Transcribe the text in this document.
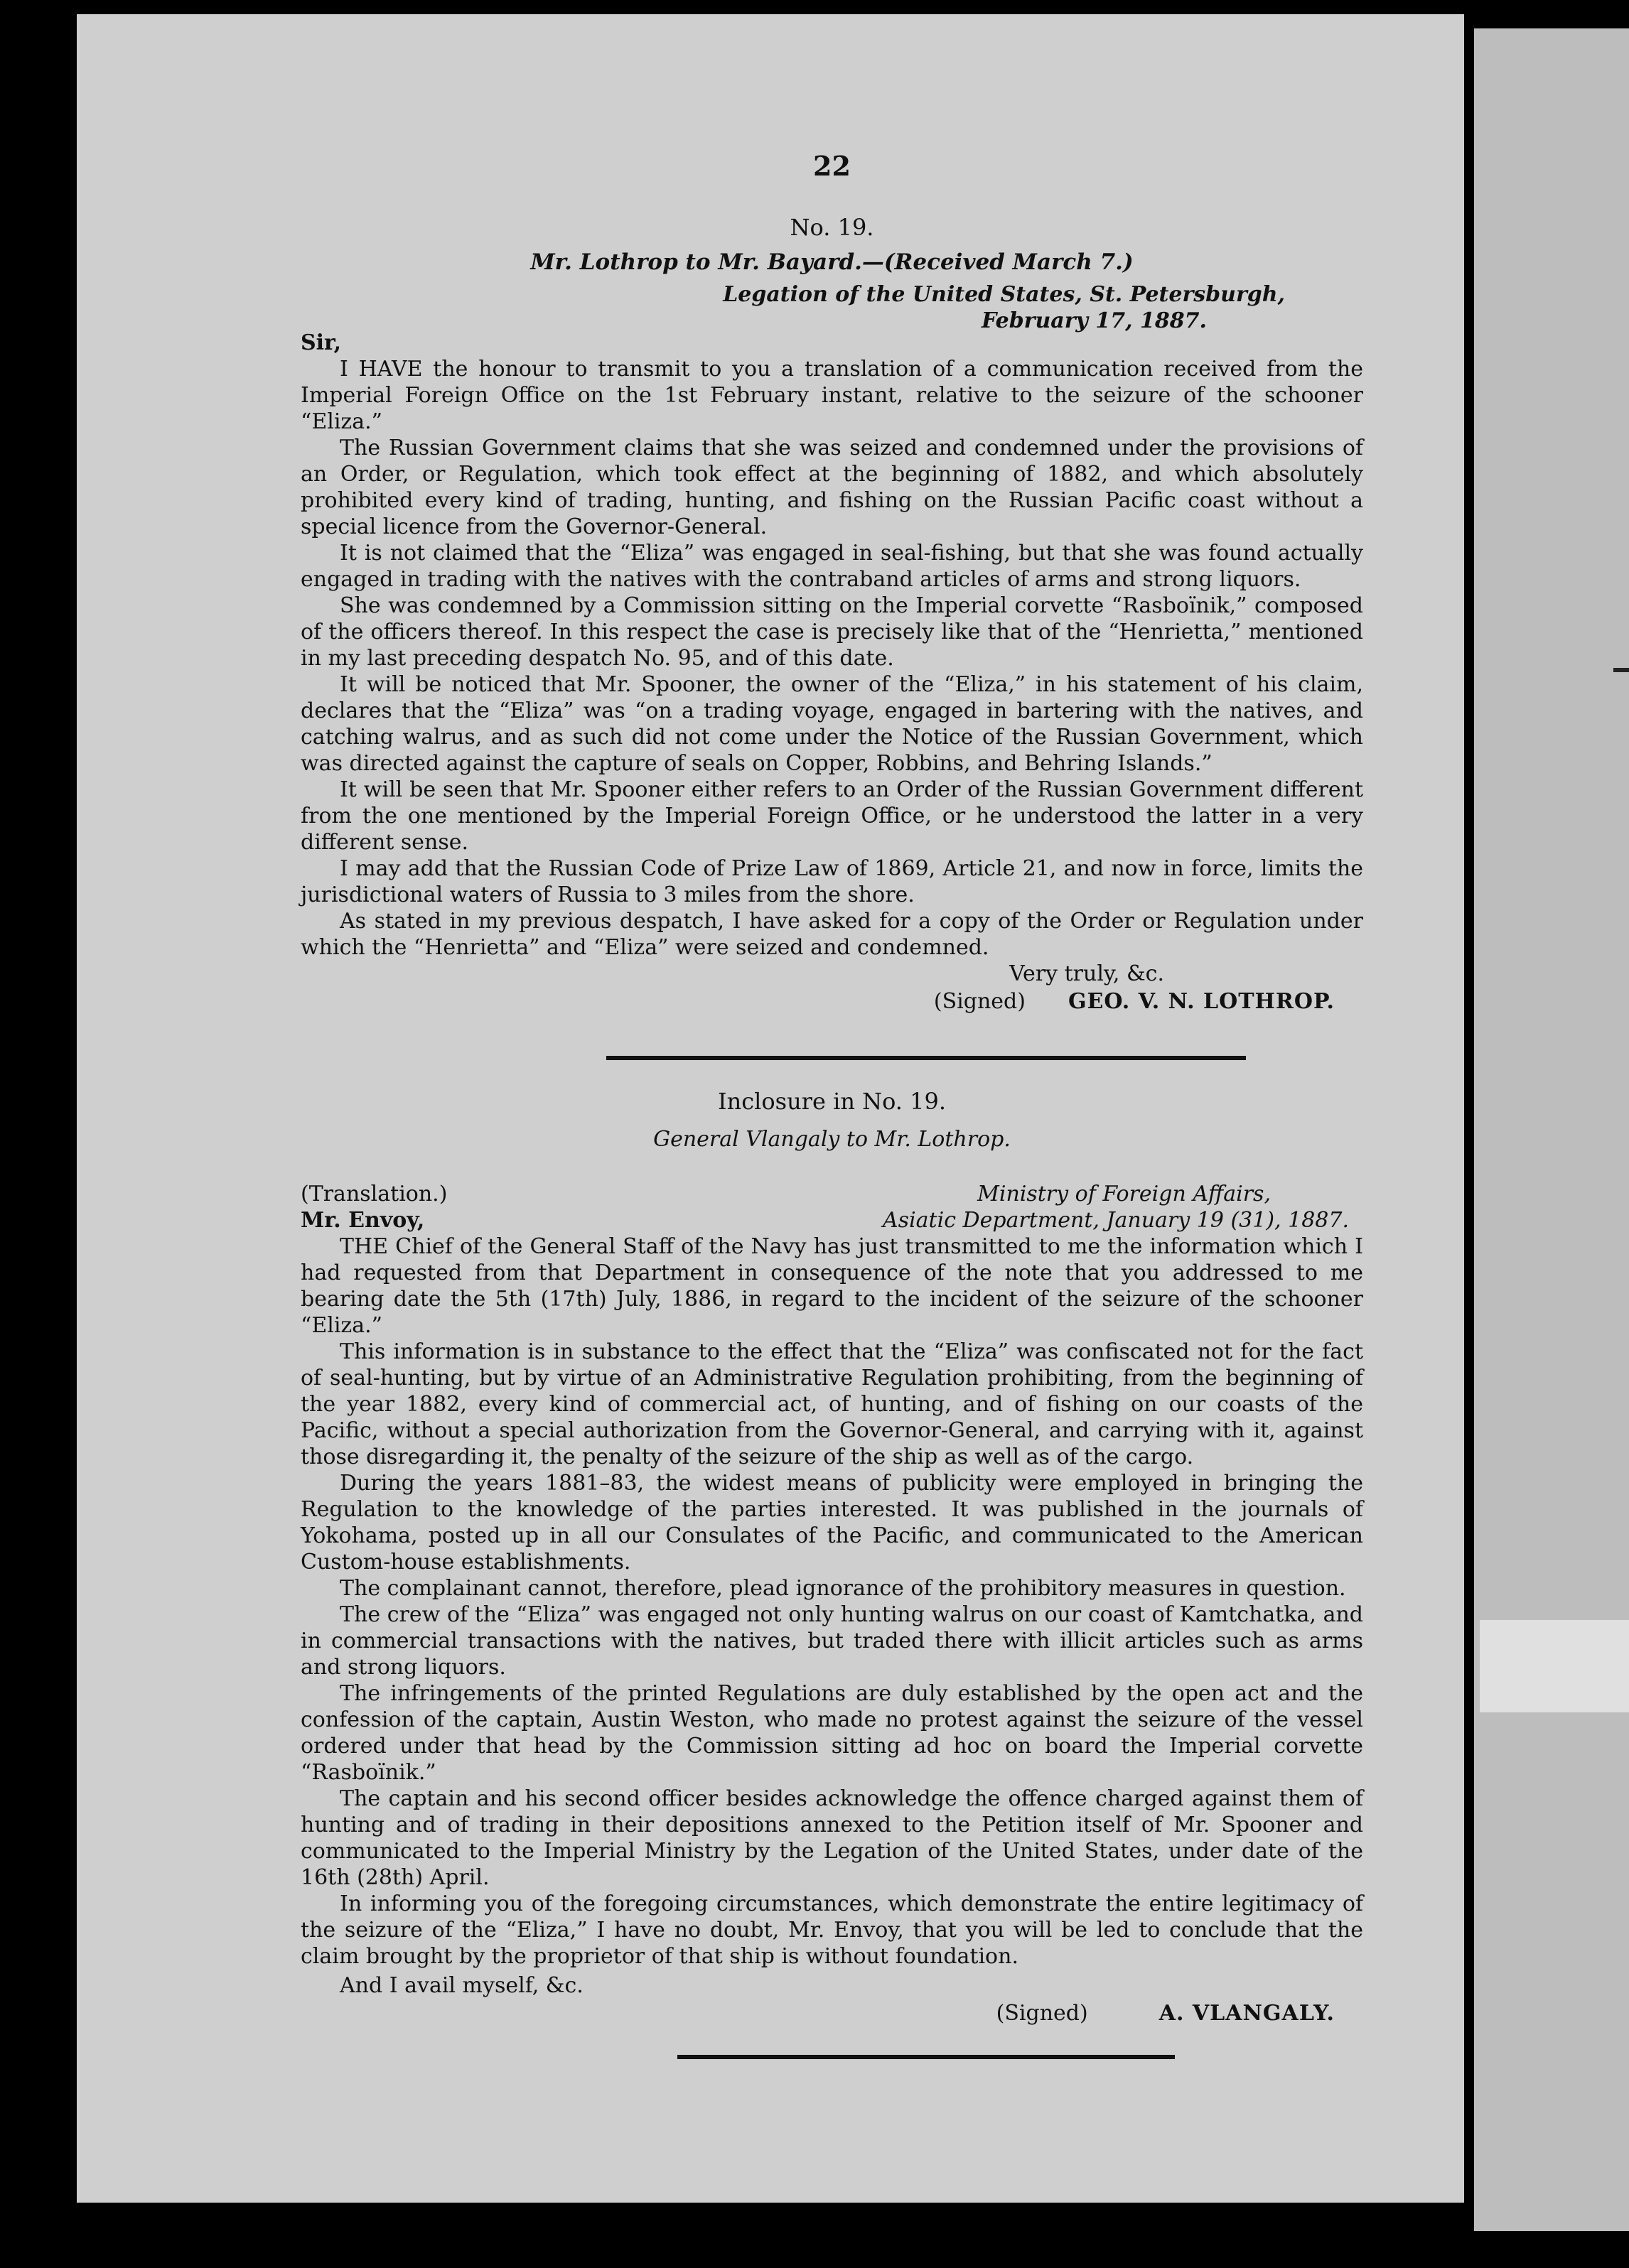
22
No. 19.
Mr. Lothrop to Mr. Bayard.—(Received March 7.)
Legation of the United States, St. Petersburgh,
February 17, 1887.
Sir,

I HAVE the honour to transmit to you a translation of a communication received from the Imperial Foreign Office on the 1st February instant, relative to the seizure of the schooner “Eliza.”

The Russian Government claims that she was seized and condemned under the provisions of an Order, or Regulation, which took effect at the beginning of 1882, and which absolutely prohibited every kind of trading, hunting, and fishing on the Russian Pacific coast without a special licence from the Governor-General.

It is not claimed that the “Eliza” was engaged in seal-fishing, but that she was found actually engaged in trading with the natives with the contraband articles of arms and strong liquors.

She was condemned by a Commission sitting on the Imperial corvette “Rasboïnik,” composed of the officers thereof. In this respect the case is precisely like that of the “Henrietta,” mentioned in my last preceding despatch No. 95, and of this date.

It will be noticed that Mr. Spooner, the owner of the “Eliza,” in his statement of his claim, declares that the “Eliza” was “on a trading voyage, engaged in bartering with the natives, and catching walrus, and as such did not come under the Notice of the Russian Government, which was directed against the capture of seals on Copper, Robbins, and Behring Islands.”

It will be seen that Mr. Spooner either refers to an Order of the Russian Government different from the one mentioned by the Imperial Foreign Office, or he understood the latter in a very different sense.

I may add that the Russian Code of Prize Law of 1869, Article 21, and now in force, limits the jurisdictional waters of Russia to 3 miles from the shore.

As stated in my previous despatch, I have asked for a copy of the Order or Regulation under which the “Henrietta” and “Eliza” were seized and condemned.

Very truly, &c.
(Signed) GEO. V. N. LOTHROP.
Inclosure in No. 19.
General Vlangaly to Mr. Lothrop.
(Translation.)	Ministry of Foreign Affairs,
Mr. Envoy,	Asiatic Department, January 19 (31), 1887.

THE Chief of the General Staff of the Navy has just transmitted to me the information which I had requested from that Department in consequence of the note that you addressed to me bearing date the 5th (17th) July, 1886, in regard to the incident of the seizure of the schooner “Eliza.”

This information is in substance to the effect that the “Eliza” was confiscated not for the fact of seal-hunting, but by virtue of an Administrative Regulation prohibiting, from the beginning of the year 1882, every kind of commercial act, of hunting, and of fishing on our coasts of the Pacific, without a special authorization from the Governor-General, and carrying with it, against those disregarding it, the penalty of the seizure of the ship as well as of the cargo.

During the years 1881–83, the widest means of publicity were employed in bringing the Regulation to the knowledge of the parties interested. It was published in the journals of Yokohama, posted up in all our Consulates of the Pacific, and communicated to the American Custom-house establishments.

The complainant cannot, therefore, plead ignorance of the prohibitory measures in question.

The crew of the “Eliza” was engaged not only hunting walrus on our coast of Kamtchatka, and in commercial transactions with the natives, but traded there with illicit articles such as arms and strong liquors.

The infringements of the printed Regulations are duly established by the open act and the confession of the captain, Austin Weston, who made no protest against the seizure of the vessel ordered under that head by the Commission sitting ad hoc on board the Imperial corvette “Rasboïnik.”

The captain and his second officer besides acknowledge the offence charged against them of hunting and of trading in their depositions annexed to the Petition itself of Mr. Spooner and communicated to the Imperial Ministry by the Legation of the United States, under date of the 16th (28th) April.

In informing you of the foregoing circumstances, which demonstrate the entire legitimacy of the seizure of the “Eliza,” I have no doubt, Mr. Envoy, that you will be led to conclude that the claim brought by the proprietor of that ship is without foundation.

And I avail myself, &c.
(Signed)	A. VLANGALY.
